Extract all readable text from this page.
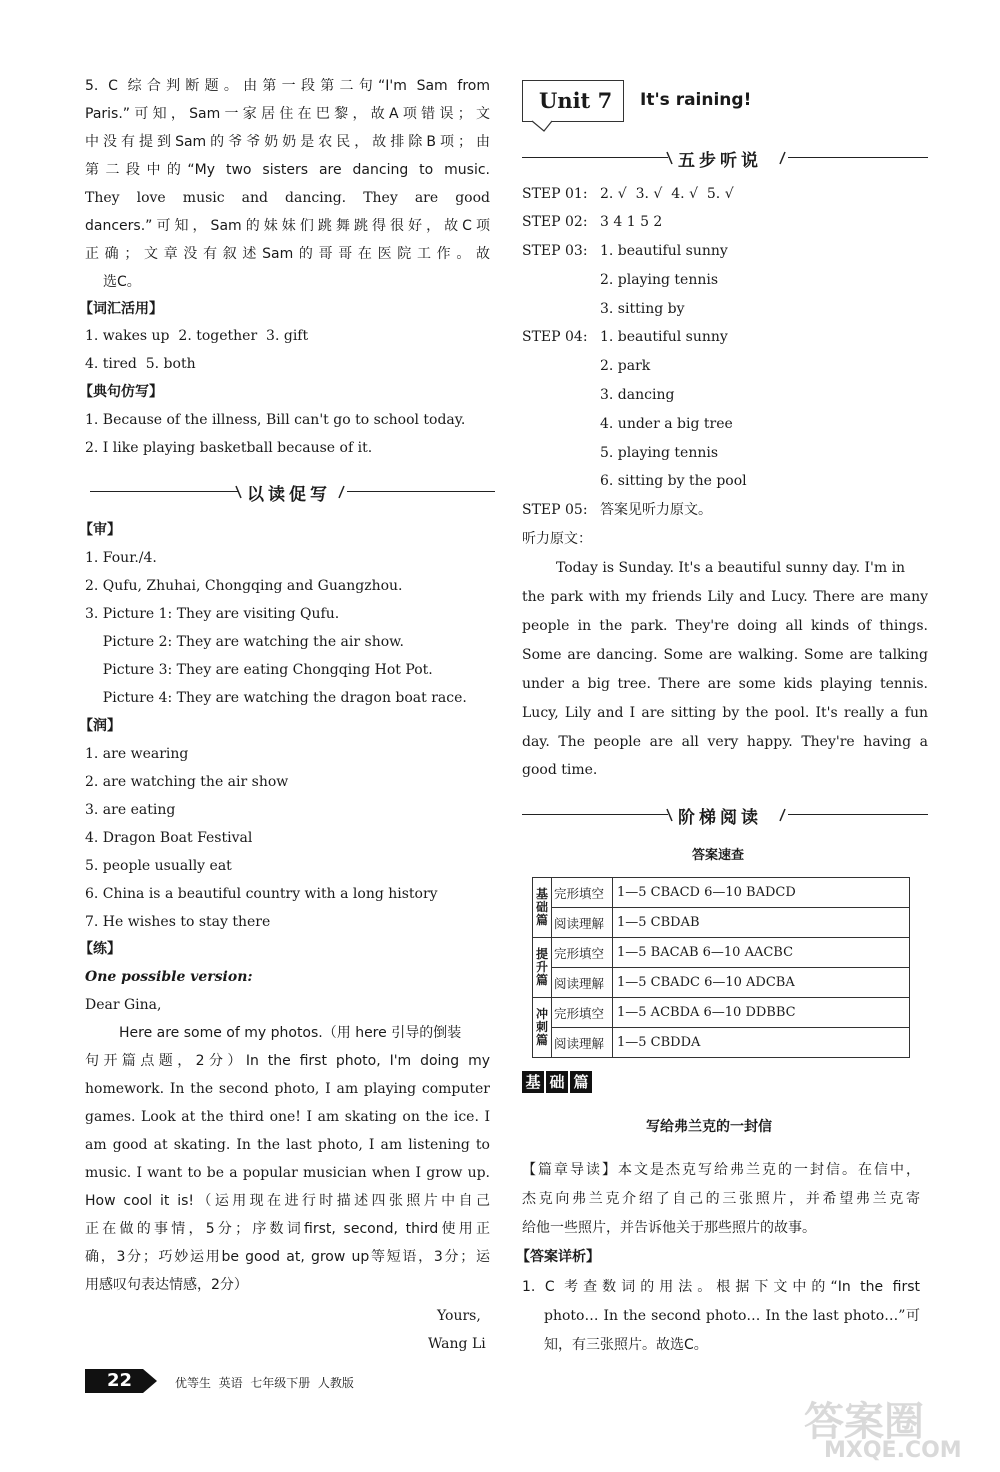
5. C 综合判断题。由第一段第二句“I'm Sam from
Paris.”可知，Sam一家居住在巴黎，故A项错误；文
中没有提到Sam的爷爷奶奶是农民，故排除B项；由
第二段中的“My two sisters are dancing to music.
They love music and dancing. They are good
dancers.”可知，Sam的妹妹们跳舞跳得很好，故C项
正确；文章没有叙述Sam的哥哥在医院工作。故
选C。
【词汇活用】
1. wakes up  2. together  3. gift
4. tired  5. both
【典句仿写】
1. Because of the illness, Bill can't go to school today.
2. I like playing basketball because of it.
以读促写
【审】
1. Four./4.
2. Qufu, Zhuhai, Chongqing and Guangzhou.
3. Picture 1: They are visiting Qufu.
Picture 2: They are watching the air show.
Picture 3: They are eating Chongqing Hot Pot.
Picture 4: They are watching the dragon boat race.
【润】
1. are wearing
2. are watching the air show
3. are eating
4. Dragon Boat Festival
5. people usually eat
6. China is a beautiful country with a long history
7. He wishes to stay there
【练】
One possible version:
Dear Gina,
Here are some of my photos.（用 here 引导的倒装
句开篇点题，2分）In the first photo, I'm doing my
homework. In the second photo, I am playing computer
games. Look at the third one! I am skating on the ice. I
am good at skating. In the last photo, I am listening to
music. I want to be a popular musician when I grow up.
How cool it is!（运用现在进行时描述四张照片中自己
正在做的事情，5分；序数词first, second, third使用正
确，3分；巧妙运用be good at, grow up等短语，3分；运
用感叹句表达情感，2分）
Yours,
Wang Li
Unit 7 It's raining!
五步听说
STEP 01: 2. √  3. √  4. √  5. √
STEP 02: 3 4 1 5 2
STEP 03: 1. beautiful sunny
2. playing tennis
3. sitting by
STEP 04: 1. beautiful sunny
2. park
3. dancing
4. under a big tree
5. playing tennis
6. sitting by the pool
STEP 05: 答案见听力原文。
听力原文：
Today is Sunday. It's a beautiful sunny day. I'm in
the park with my friends Lily and Lucy. There are many
people in the park. They're doing all kinds of things.
Some are dancing. Some are walking. Some are talking
under a big tree. There are some kids playing tennis.
Lucy, Lily and I are sitting by the pool. It's really a fun
day. The people are all very happy. They're having a
good time.
阶梯阅读
答案速查
基础篇	完形填空	1—5 CBACD 6—10 BADCD
	阅读理解	1—5 CBDAB
提升篇	完形填空	1—5 BACAB 6—10 AACBC
	阅读理解	1—5 CBADC 6—10 ADCBA
冲刺篇	完形填空	1—5 ACBDA 6—10 DDBBC
	阅读理解	1—5 CBDDA
基 础 篇
写给弗兰克的一封信
【篇章导读】本文是杰克写给弗兰克的一封信。在信中，
杰克向弗兰克介绍了自己的三张照片，并希望弗兰克寄
给他一些照片，并告诉他关于那些照片的故事。
【答案详析】
1. C 考查数词的用法。根据下文中的“In the first
photo… In the second photo… In the last photo…”可
知，有三张照片。故选C。
22	优等生  英语  七年级下册  人教版
答案圈
MXQE.COM
